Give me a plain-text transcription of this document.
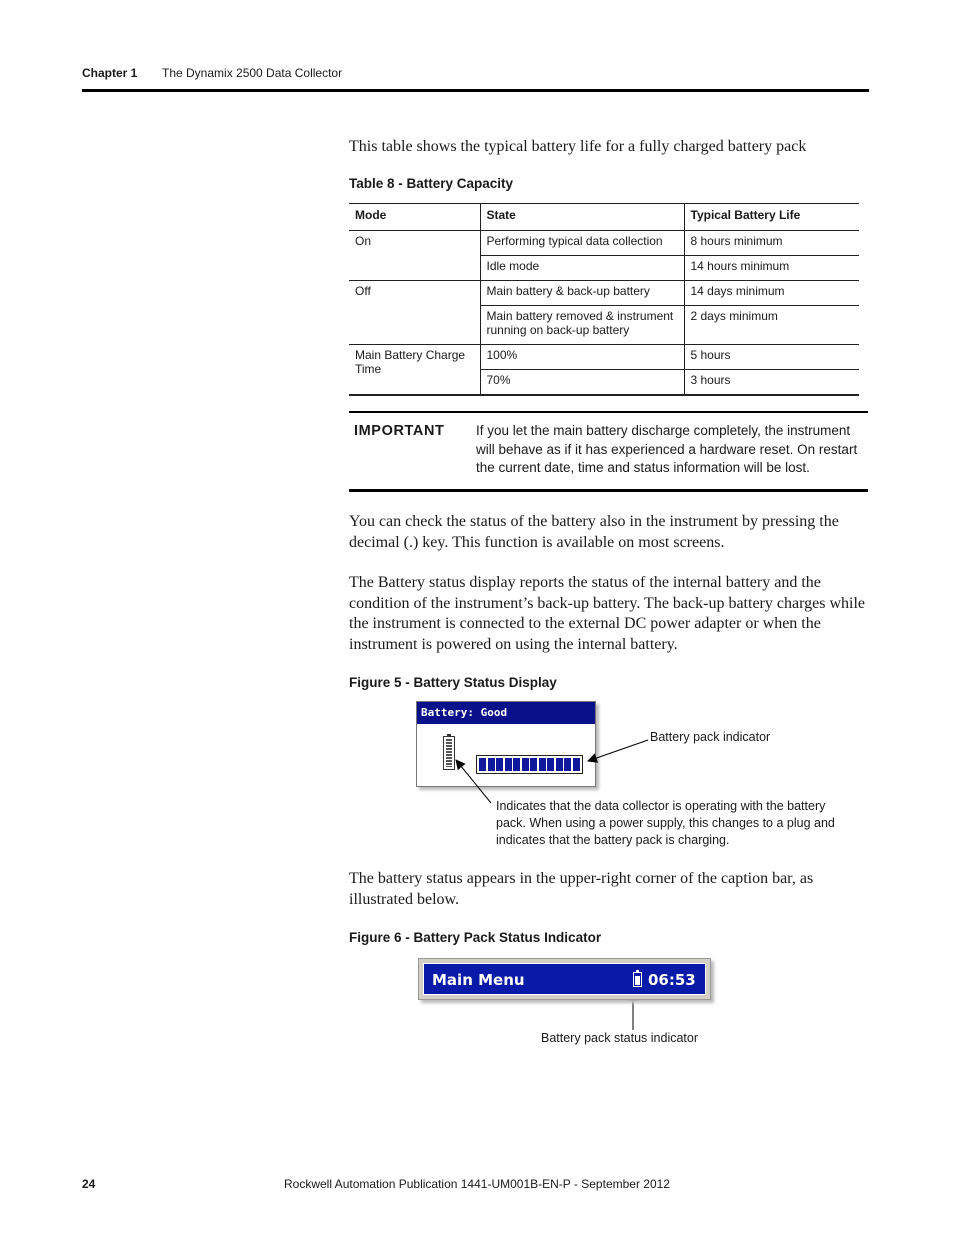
Chapter 1 The Dynamix 2500 Data Collector
This table shows the typical battery life for a fully charged battery pack
Table 8 - Battery Capacity
Mode	State	Typical Battery Life
On	Performing typical data collection	8 hours minimum
	Idle mode	14 hours minimum
Off	Main battery & back-up battery	14 days minimum
	Main battery removed & instrument running on back-up battery	2 days minimum
Main Battery Charge Time	100%	5 hours
	70%	3 hours
IMPORTANT If you let the main battery discharge completely, the instrument will behave as if it has experienced a hardware reset. On restart the current date, time and status information will be lost.
You can check the status of the battery also in the instrument by pressing the decimal (.) key. This function is available on most screens.
The Battery status display reports the status of the internal battery and the condition of the instrument’s back-up battery. The back-up battery charges while the instrument is connected to the external DC power adapter or when the instrument is powered on using the internal battery.
Figure 5 - Battery Status Display
Battery: Good
Battery pack indicator
Indicates that the data collector is operating with the battery pack. When using a power supply, this changes to a plug and indicates that the battery pack is charging.
The battery status appears in the upper-right corner of the caption bar, as illustrated below.
Figure 6 - Battery Pack Status Indicator
Main Menu	06:53
Battery pack status indicator
Rockwell Automation Publication 1441-UM001B-EN-P - September 2012
24
